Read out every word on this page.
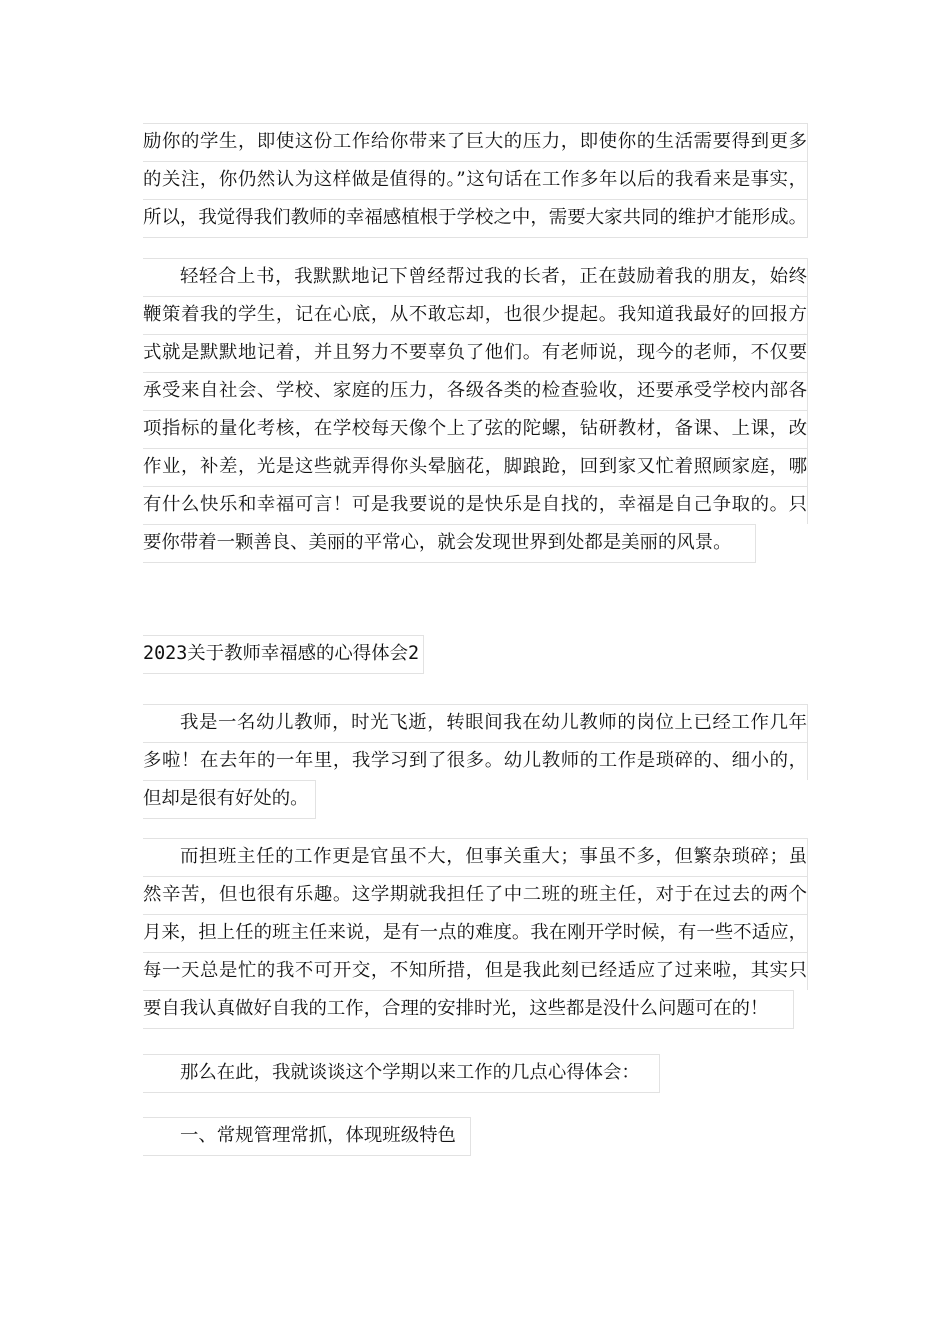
励你的学生，即使这份工作给你带来了巨大的压力，即使你的生活需要得到更多
的关注，你仍然认为这样做是值得的。”这句话在工作多年以后的我看来是事实，
所以，我觉得我们教师的幸福感植根于学校之中，需要大家共同的维护才能形成。
轻轻合上书，我默默地记下曾经帮过我的长者，正在鼓励着我的朋友，始终
鞭策着我的学生，记在心底，从不敢忘却，也很少提起。我知道我最好的回报方
式就是默默地记着，并且努力不要辜负了他们。有老师说，现今的老师，不仅要
承受来自社会、学校、家庭的压力，各级各类的检查验收，还要承受学校内部各
项指标的量化考核，在学校每天像个上了弦的陀螺，钻研教材，备课、上课，改
作业，补差，光是这些就弄得你头晕脑花，脚踉跄，回到家又忙着照顾家庭，哪
有什么快乐和幸福可言！可是我要说的是快乐是自找的，幸福是自己争取的。只
要你带着一颗善良、美丽的平常心，就会发现世界到处都是美丽的风景。
2023关于教师幸福感的心得体会2
我是一名幼儿教师，时光飞逝，转眼间我在幼儿教师的岗位上已经工作几年
多啦！在去年的一年里，我学习到了很多。幼儿教师的工作是琐碎的、细小的，
但却是很有好处的。
而担班主任的工作更是官虽不大，但事关重大；事虽不多，但繁杂琐碎；虽
然辛苦，但也很有乐趣。这学期就我担任了中二班的班主任，对于在过去的两个
月来，担上任的班主任来说，是有一点的难度。我在刚开学时候，有一些不适应，
每一天总是忙的我不可开交，不知所措，但是我此刻已经适应了过来啦，其实只
要自我认真做好自我的工作，合理的安排时光，这些都是没什么问题可在的！
那么在此，我就谈谈这个学期以来工作的几点心得体会：
一、常规管理常抓，体现班级特色
